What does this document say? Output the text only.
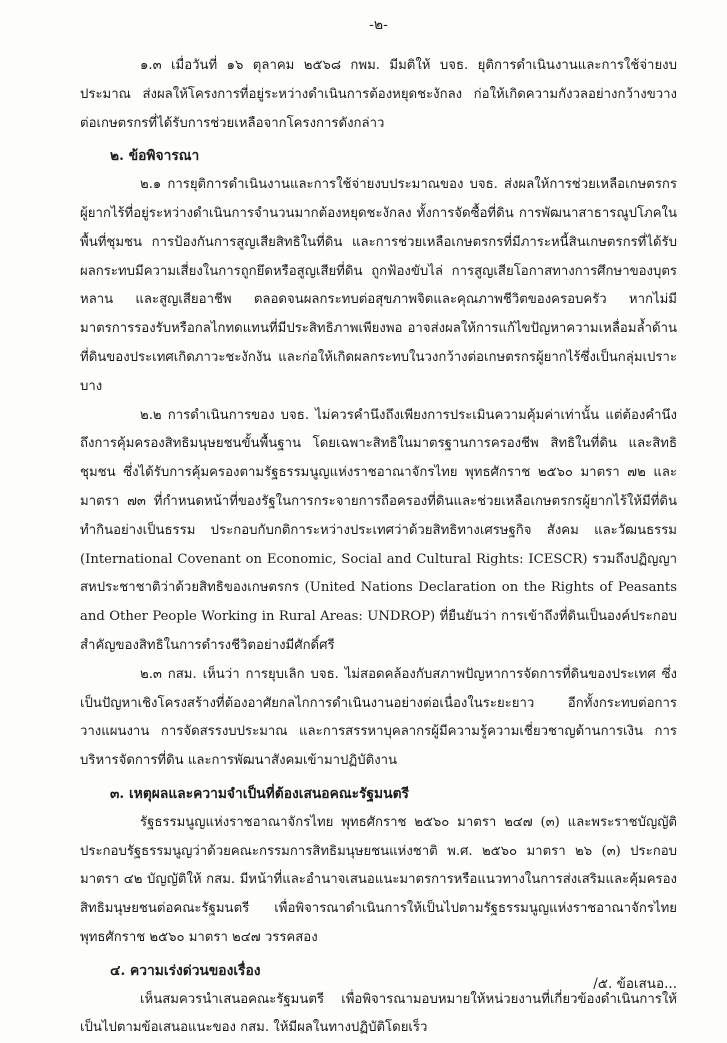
-๒-

๑.๓ เมื่อวันที่ ๑๖ ตุลาคม ๒๕๖๘ กพม. มีมติให้ บจธ. ยุติการดำเนินงานและการใช้จ่ายงบประมาณ ส่งผลให้โครงการที่อยู่ระหว่างดำเนินการต้องหยุดชะงักลง ก่อให้เกิดความกังวลอย่างกว้างขวางต่อเกษตรกรที่ได้รับการช่วยเหลือจากโครงการดังกล่าว

๒. ข้อพิจารณา

๒.๑ การยุติการดำเนินงานและการใช้จ่ายงบประมาณของ บจธ. ส่งผลให้การช่วยเหลือเกษตรกรผู้ยากไร้ที่อยู่ระหว่างดำเนินการจำนวนมากต้องหยุดชะงักลง ทั้งการจัดซื้อที่ดิน การพัฒนาสาธารณูปโภคในพื้นที่ชุมชน การป้องกันการสูญเสียสิทธิในที่ดิน และการช่วยเหลือเกษตรกรที่มีภาระหนี้สินเกษตรกรที่ได้รับผลกระทบมีความเสี่ยงในการถูกยึดหรือสูญเสียที่ดิน ถูกฟ้องขับไล่ การสูญเสียโอกาสทางการศึกษาของบุตรหลาน และสูญเสียอาชีพ ตลอดจนผลกระทบต่อสุขภาพจิตและคุณภาพชีวิตของครอบครัว หากไม่มีมาตรการรองรับหรือกลไกทดแทนที่มีประสิทธิภาพเพียงพอ อาจส่งผลให้การแก้ไขปัญหาความเหลื่อมล้ำด้านที่ดินของประเทศเกิดภาวะชะงักงัน และก่อให้เกิดผลกระทบในวงกว้างต่อเกษตรกรผู้ยากไร้ซึ่งเป็นกลุ่มเปราะบาง

๒.๒ การดำเนินการของ บจธ. ไม่ควรคำนึงถึงเพียงการประเมินความคุ้มค่าเท่านั้น แต่ต้องคำนึงถึงการคุ้มครองสิทธิมนุษยชนขั้นพื้นฐาน โดยเฉพาะสิทธิในมาตรฐานการครองชีพ สิทธิในที่ดิน และสิทธิชุมชน ซึ่งได้รับการคุ้มครองตามรัฐธรรมนูญแห่งราชอาณาจักรไทย พุทธศักราช ๒๕๖๐ มาตรา ๗๒ และมาตรา ๗๓ ที่กำหนดหน้าที่ของรัฐในการกระจายการถือครองที่ดินและช่วยเหลือเกษตรกรผู้ยากไร้ให้มีที่ดินทำกินอย่างเป็นธรรม ประกอบกับกติการะหว่างประเทศว่าด้วยสิทธิทางเศรษฐกิจ สังคม และวัฒนธรรม (International Covenant on Economic, Social and Cultural Rights: ICESCR) รวมถึงปฏิญญาสหประชาชาติว่าด้วยสิทธิของเกษตรกร (United Nations Declaration on the Rights of Peasants and Other People Working in Rural Areas: UNDROP) ที่ยืนยันว่า การเข้าถึงที่ดินเป็นองค์ประกอบสำคัญของสิทธิในการดำรงชีวิตอย่างมีศักดิ์ศรี

๒.๓ กสม. เห็นว่า การยุบเลิก บจธ. ไม่สอดคล้องกับสภาพปัญหาการจัดการที่ดินของประเทศ ซึ่งเป็นปัญหาเชิงโครงสร้างที่ต้องอาศัยกลไกการดำเนินงานอย่างต่อเนื่องในระยะยาว อีกทั้งกระทบต่อการวางแผนงาน การจัดสรรงบประมาณ และการสรรหาบุคลากรผู้มีความรู้ความเชี่ยวชาญด้านการเงิน การบริหารจัดการที่ดิน และการพัฒนาสังคมเข้ามาปฏิบัติงาน

๓. เหตุผลและความจำเป็นที่ต้องเสนอคณะรัฐมนตรี

รัฐธรรมนูญแห่งราชอาณาจักรไทย พุทธศักราช ๒๕๖๐ มาตรา ๒๔๗ (๓) และพระราชบัญญัติประกอบรัฐธรรมนูญว่าด้วยคณะกรรมการสิทธิมนุษยชนแห่งชาติ พ.ศ. ๒๕๖๐ มาตรา ๒๖ (๓) ประกอบมาตรา ๔๒ บัญญัติให้ กสม. มีหน้าที่และอำนาจเสนอแนะมาตรการหรือแนวทางในการส่งเสริมและคุ้มครองสิทธิมนุษยชนต่อคณะรัฐมนตรี เพื่อพิจารณาดำเนินการให้เป็นไปตามรัฐธรรมนูญแห่งราชอาณาจักรไทย พุทธศักราช ๒๕๖๐ มาตรา ๒๔๗ วรรคสอง

๔. ความเร่งด่วนของเรื่อง

เห็นสมควรนำเสนอคณะรัฐมนตรี เพื่อพิจารณามอบหมายให้หน่วยงานที่เกี่ยวข้องดำเนินการให้เป็นไปตามข้อเสนอแนะของ กสม. ให้มีผลในทางปฏิบัติโดยเร็ว

/๕. ข้อเสนอ...
